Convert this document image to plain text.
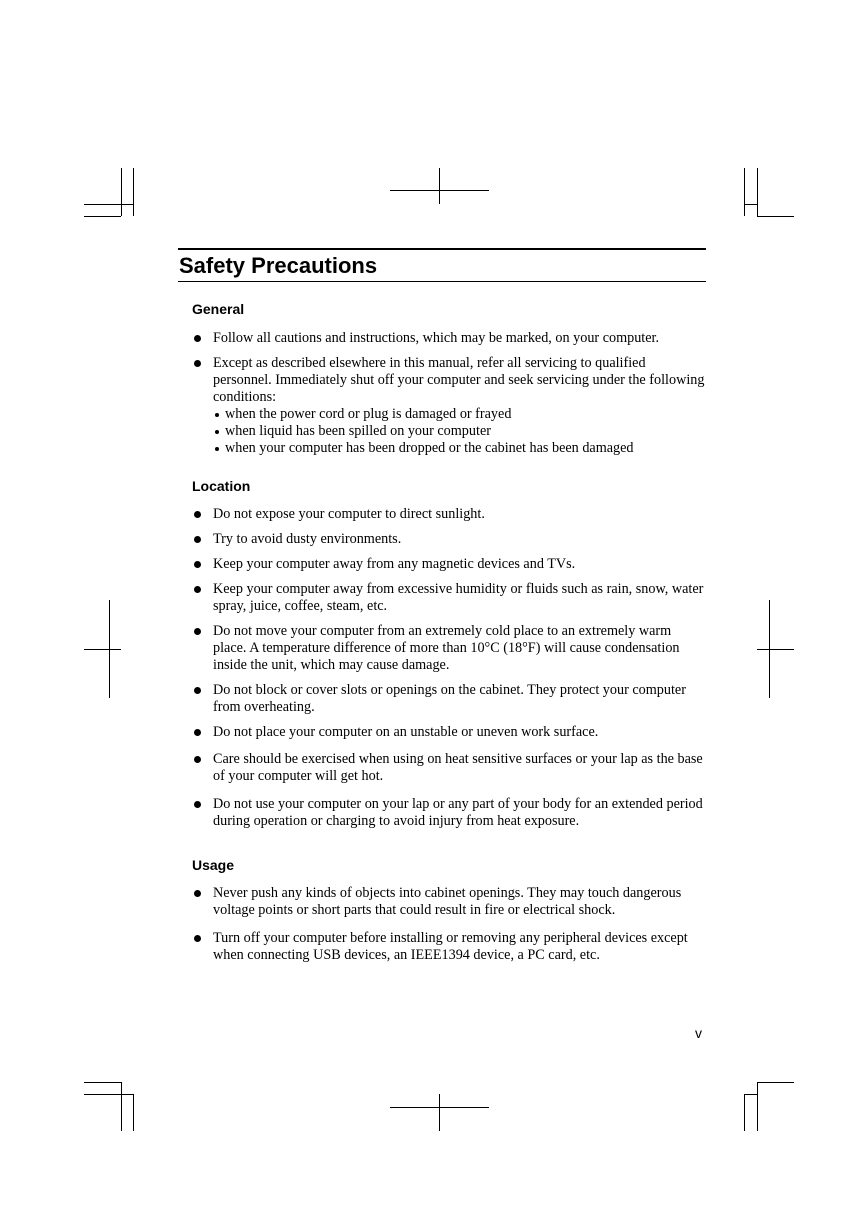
Safety Precautions
General
Follow all cautions and instructions, which may be marked, on your computer.
Except as described elsewhere in this manual, refer all servicing to qualified personnel. Immediately shut off your computer and seek servicing under the following conditions:
when the power cord or plug is damaged or frayed
when liquid has been spilled on your computer
when your computer has been dropped or the cabinet has been damaged
Location
Do not expose your computer to direct sunlight.
Try to avoid dusty environments.
Keep your computer away from any magnetic devices and TVs.
Keep your computer away from excessive humidity or fluids such as rain, snow, water spray, juice, coffee, steam, etc.
Do not move your computer from an extremely cold place to an extremely warm place. A temperature difference of more than 10°C (18°F) will cause condensation inside the unit, which may cause damage.
Do not block or cover slots or openings on the cabinet. They protect your computer from overheating.
Do not place your computer on an unstable or uneven work surface.
Care should be exercised when using on heat sensitive surfaces or your lap as the base of your computer will get hot.
Do not use your computer on your lap or any part of your body for an extended period during operation or charging to avoid injury from heat exposure.
Usage
Never push any kinds of objects into cabinet openings. They may touch dangerous voltage points or short parts that could result in fire or electrical shock.
Turn off your computer before installing or removing any peripheral devices except when connecting USB devices, an IEEE1394 device, a PC card, etc.
v
